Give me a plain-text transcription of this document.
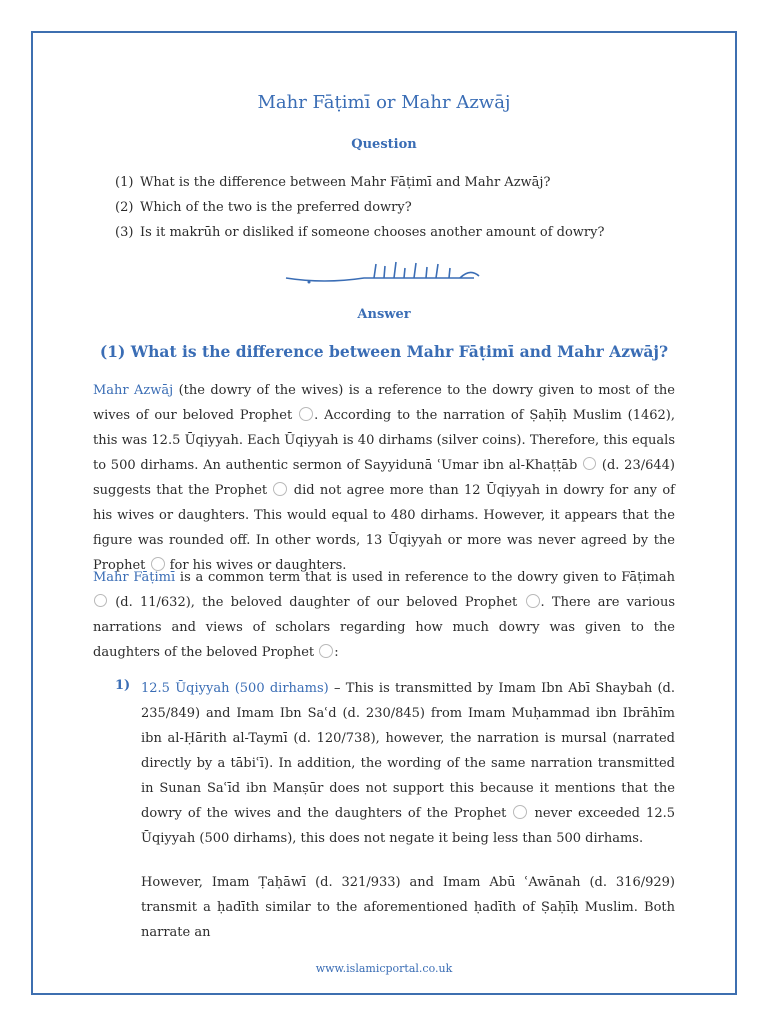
Mahr Fāṭimī or Mahr Azwāj
Question
(1) What is the difference between Mahr Fāṭimī and Mahr Azwāj?
(2) Which of the two is the preferred dowry?
(3) Is it makrūh or disliked if someone chooses another amount of dowry?
Answer
(1) What is the difference between Mahr Fāṭimī and Mahr Azwāj?
Mahr Azwāj (the dowry of the wives) is a reference to the dowry given to most of the wives of our beloved Prophet . According to the narration of Ṣaḥīḥ Muslim (1462), this was 12.5 Ūqiyyah. Each Ūqiyyah is 40 dirhams (silver coins). Therefore, this equals to 500 dirhams. An authentic sermon of Sayyidunā ʿUmar ibn al-Khaṭṭāb  (d. 23/644) suggests that the Prophet  did not agree more than 12 Ūqiyyah in dowry for any of his wives or daughters. This would equal to 480 dirhams. However, it appears that the figure was rounded off. In other words, 13 Ūqiyyah or more was never agreed by the Prophet  for his wives or daughters.
Mahr Fāṭimī is a common term that is used in reference to the dowry given to Fāṭimah  (d. 11/632), the beloved daughter of our beloved Prophet . There are various narrations and views of scholars regarding how much dowry was given to the daughters of the beloved Prophet :
1) 12.5 Ūqiyyah (500 dirhams) – This is transmitted by Imam Ibn Abī Shaybah (d. 235/849) and Imam Ibn Saʿd (d. 230/845) from Imam Muḥammad ibn Ibrāhīm ibn al-Ḥārith al-Taymī (d. 120/738), however, the narration is mursal (narrated directly by a tābiʿī). In addition, the wording of the same narration transmitted in Sunan Saʿīd ibn Manṣūr does not support this because it mentions that the dowry of the wives and the daughters of the Prophet  never exceeded 12.5 Ūqiyyah (500 dirhams), this does not negate it being less than 500 dirhams.
However, Imam Ṭaḥāwī (d. 321/933) and Imam Abū ʿAwānah (d. 316/929) transmit a ḥadīth similar to the aforementioned ḥadīth of Ṣaḥīḥ Muslim. Both narrate an
www.islamicportal.co.uk
